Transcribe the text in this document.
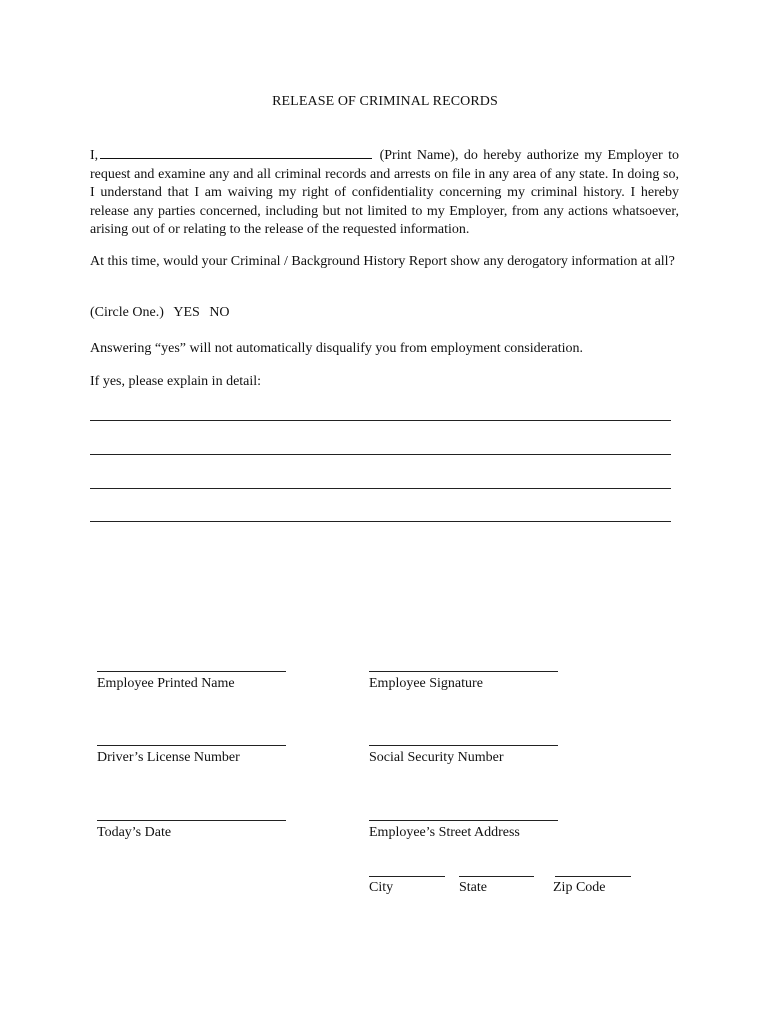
RELEASE OF CRIMINAL RECORDS
I,	(Print Name), do hereby authorize my Employer to request and examine any and all criminal records and arrests on file in any area of any state. In doing so, I understand that I am waiving my right of confidentiality concerning my criminal history. I hereby release any parties concerned, including but not limited to my Employer, from any actions whatsoever, arising out of or relating to the release of the requested information.
At this time, would your Criminal / Background History Report show any derogatory information at all?
(Circle One.) YES NO
Answering “yes” will not automatically disqualify you from employment consideration.
If yes, please explain in detail:
Employee Printed Name	Employee Signature
Driver’s License Number	Social Security Number
Today’s Date	Employee’s Street Address
City	State	Zip Code
